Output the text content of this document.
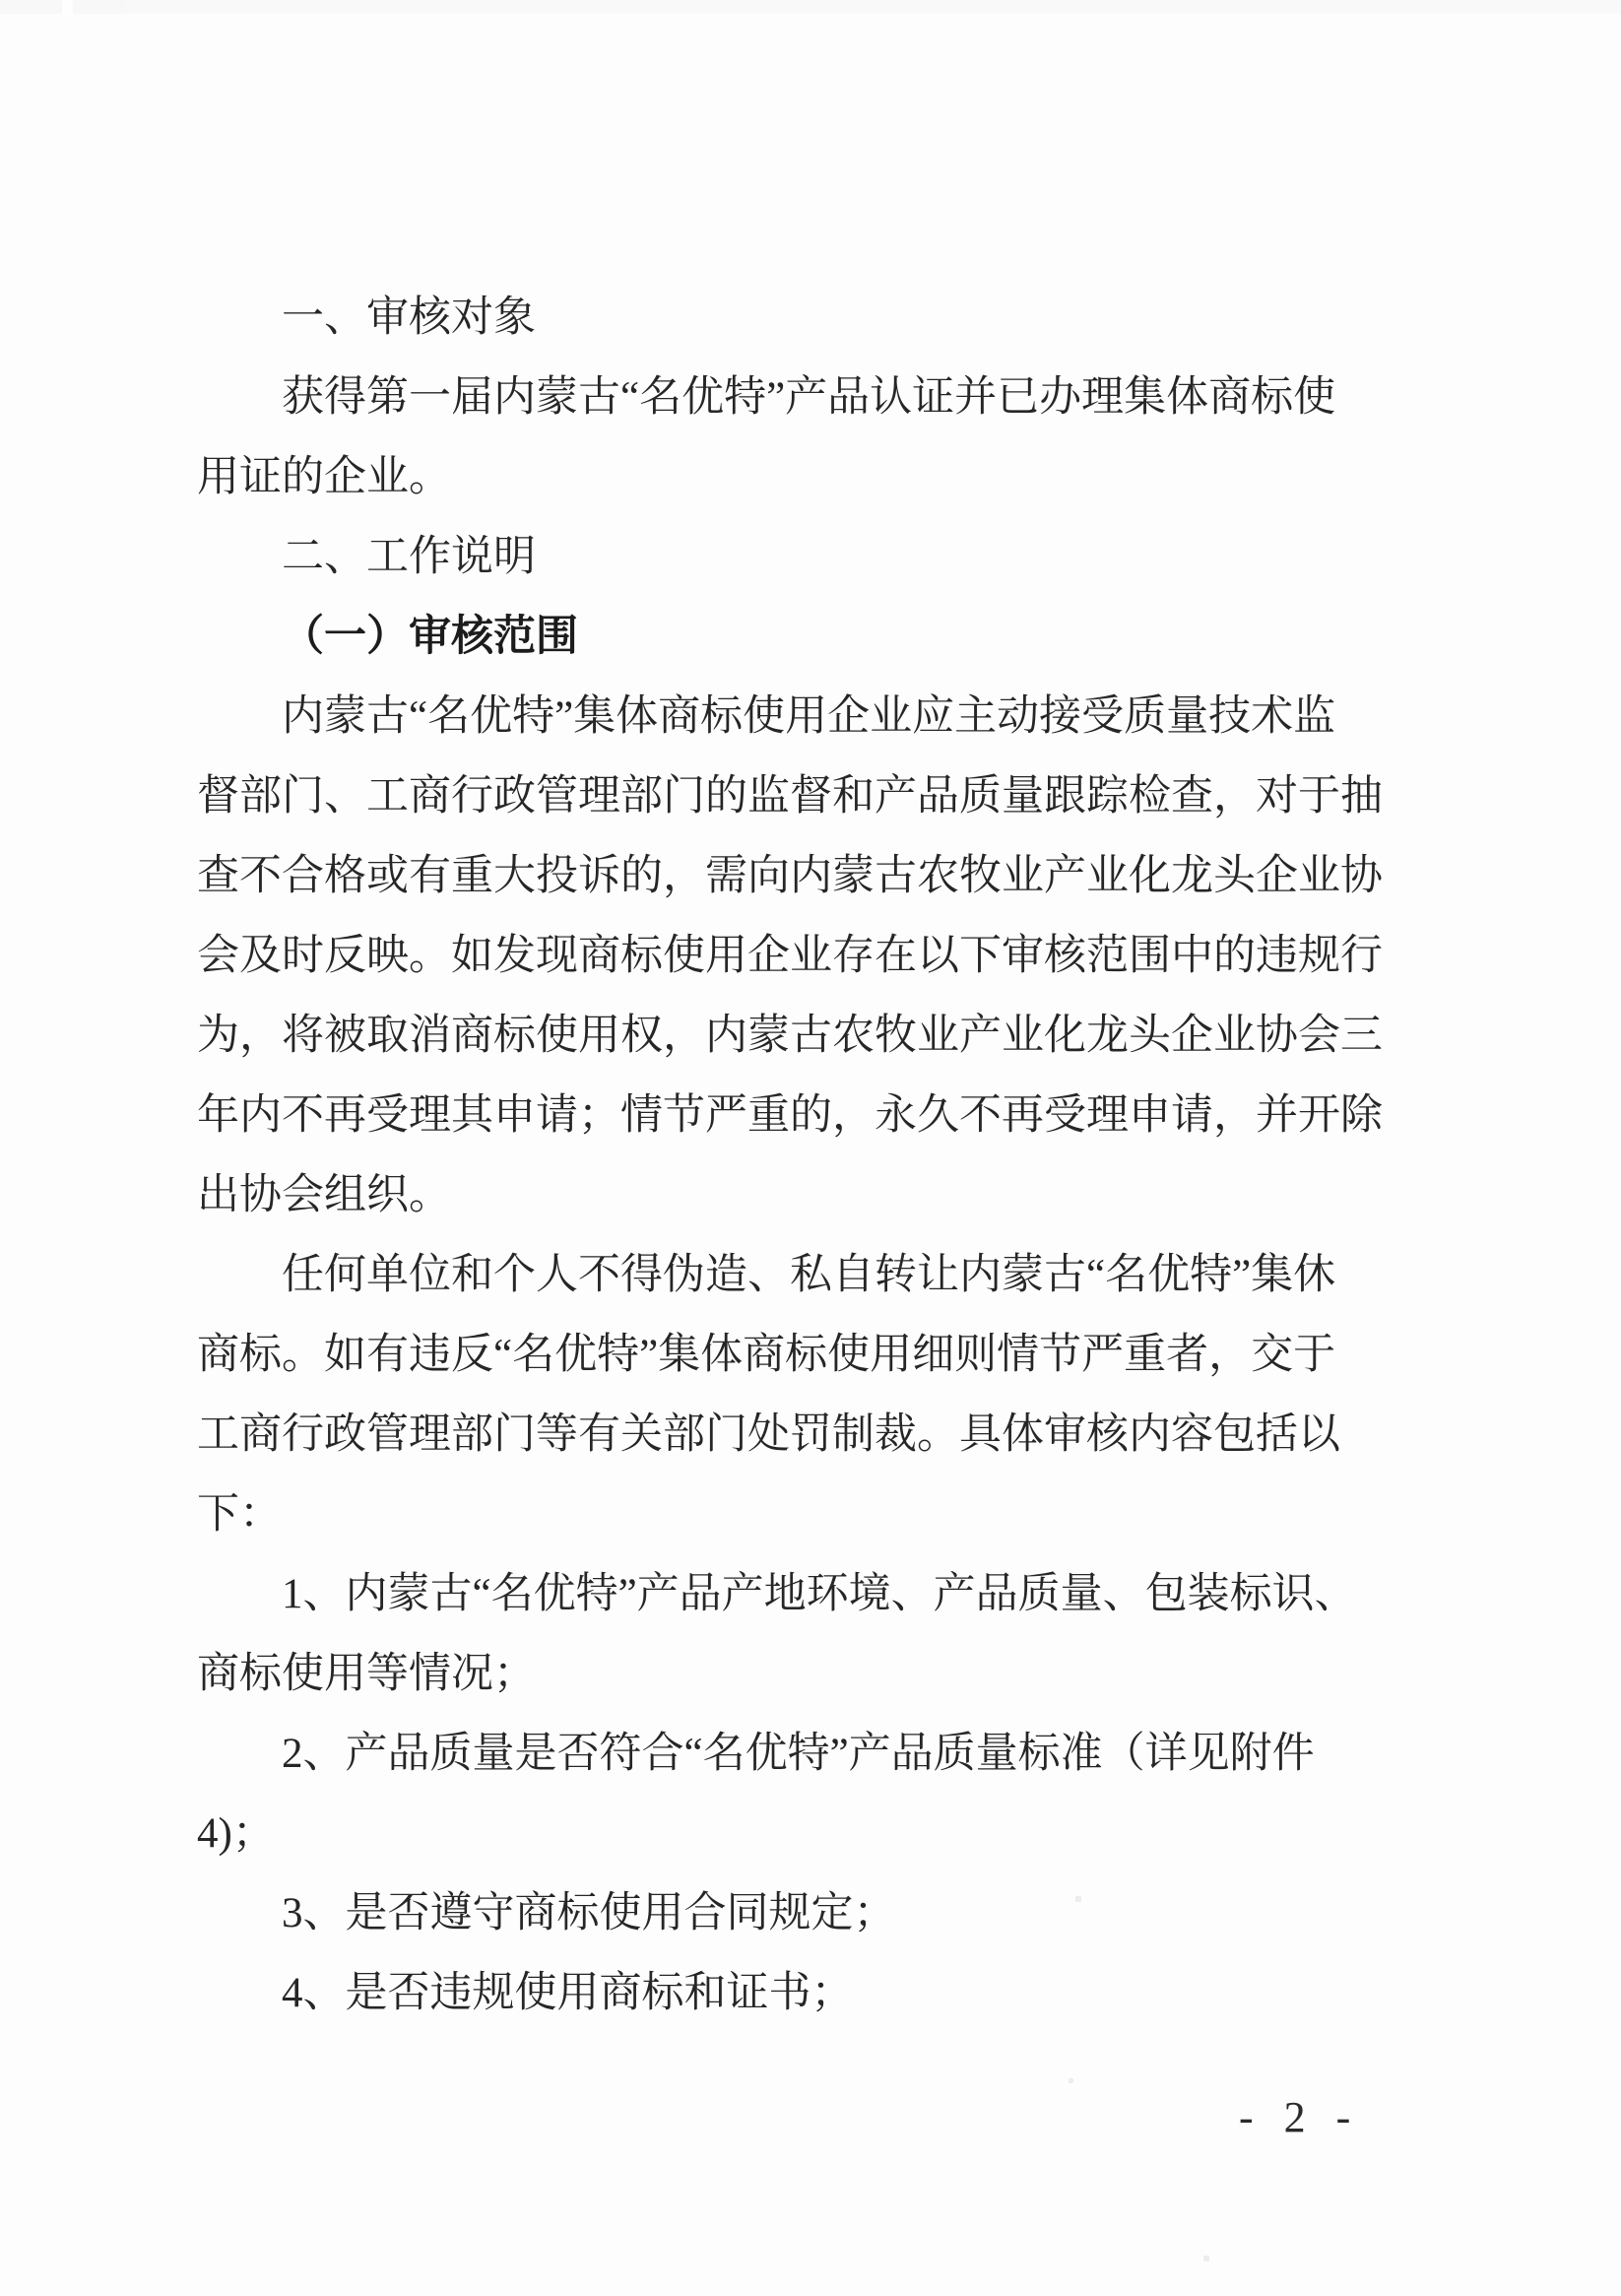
一、审核对象
获得第一届内蒙古“名优特”产品认证并已办理集体商标使
用证的企业。
二、工作说明
（一）审核范围
内蒙古“名优特”集体商标使用企业应主动接受质量技术监
督部门、工商行政管理部门的监督和产品质量跟踪检查，对于抽
查不合格或有重大投诉的，需向内蒙古农牧业产业化龙头企业协
会及时反映。如发现商标使用企业存在以下审核范围中的违规行
为，将被取消商标使用权，内蒙古农牧业产业化龙头企业协会三
年内不再受理其申请；情节严重的，永久不再受理申请，并开除
出协会组织。
任何单位和个人不得伪造、私自转让内蒙古“名优特”集休
商标。如有违反“名优特”集体商标使用细则情节严重者，交于
工商行政管理部门等有关部门处罚制裁。具体审核内容包括以
下：
1、内蒙古“名优特”产品产地环境、产品质量、包装标识、
商标使用等情况；
2、产品质量是否符合“名优特”产品质量标准（详见附件
4)；
3、是否遵守商标使用合同规定；
4、是否违规使用商标和证书；
- 2 -
